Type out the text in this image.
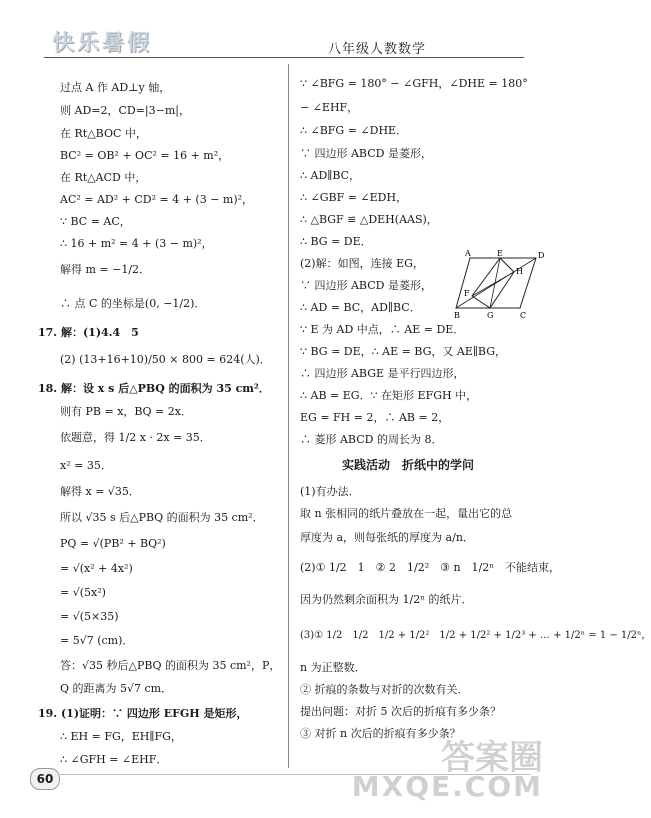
快乐暑假	八年级人教数学
过点 A 作 AD⊥y 轴，
则 AD=2，CD=|3−m|，
在 Rt△BOC 中，
BC² = OB² + OC² = 16 + m²，
在 Rt△ACD 中，
AC² = AD² + CD² = 4 + (3 − m)²，
∵ BC = AC，
∴ 16 + m² = 4 + (3 − m)²，
解得 m = −1/2．
∴ 点 C 的坐标是(0, −1/2)．
17. 解：(1)4.4　5
(2) (13+16+10)/50 × 800 = 624(人)．
18. 解：设 x s 后△PBQ 的面积为 35 cm²．
则有 PB = x，BQ = 2x．
依题意，得 1/2 x · 2x = 35．
x² = 35．
解得 x = √35．
所以 √35 s 后△PBQ 的面积为 35 cm²．
PQ = √(PB² + BQ²)
= √(x² + 4x²)
= √(5x²)
= √(5×35)
= 5√7 (cm)．
答：√35 秒后△PBQ 的面积为 35 cm²，P，
Q 的距离为 5√7 cm．
19. (1)证明：∵ 四边形 EFGH 是矩形，
∴ EH = FG，EH∥FG，
∴ ∠GFH = ∠EHF．
∵ ∠BFG = 180° − ∠GFH，∠DHE = 180°
− ∠EHF，
∴ ∠BFG = ∠DHE．
∵ 四边形 ABCD 是菱形，
∴ AD∥BC，
∴ ∠GBF = ∠EDH，
∴ △BGF ≌ △DEH(AAS)，
∴ BG = DE．
(2)解：如图，连接 EG，
∵ 四边形 ABCD 是菱形，
∴ AD = BC，AD∥BC．
∵ E 为 AD 中点，∴ AE = DE．
∵ BG = DE，∴ AE = BG，又 AE∥BG，
∴ 四边形 ABGE 是平行四边形，
∴ AB = EG．∵ 在矩形 EFGH 中，
EG = FH = 2，∴ AB = 2，
∴ 菱形 ABCD 的周长为 8．
实践活动　折纸中的学问
(1)有办法．
取 n 张相同的纸片叠放在一起，量出它的总
厚度为 a，则每张纸的厚度为 a/n．
(2)① 1/2　1　② 2　1/2²　③ n　1/2ⁿ　不能结束，
因为仍然剩余面积为 1/2ⁿ 的纸片．
(3)① 1/2　1/2　1/2 + 1/2²　1/2 + 1/2² + 1/2³ + … + 1/2ⁿ = 1 − 1/2ⁿ，
n 为正整数．
② 折痕的条数与对折的次数有关．
提出问题：对折 5 次后的折痕有多少条？
③ 对折 n 次后的折痕有多少条？
A	E	D
H
F
B	G	C
60
答案圈
MXQE.COM
